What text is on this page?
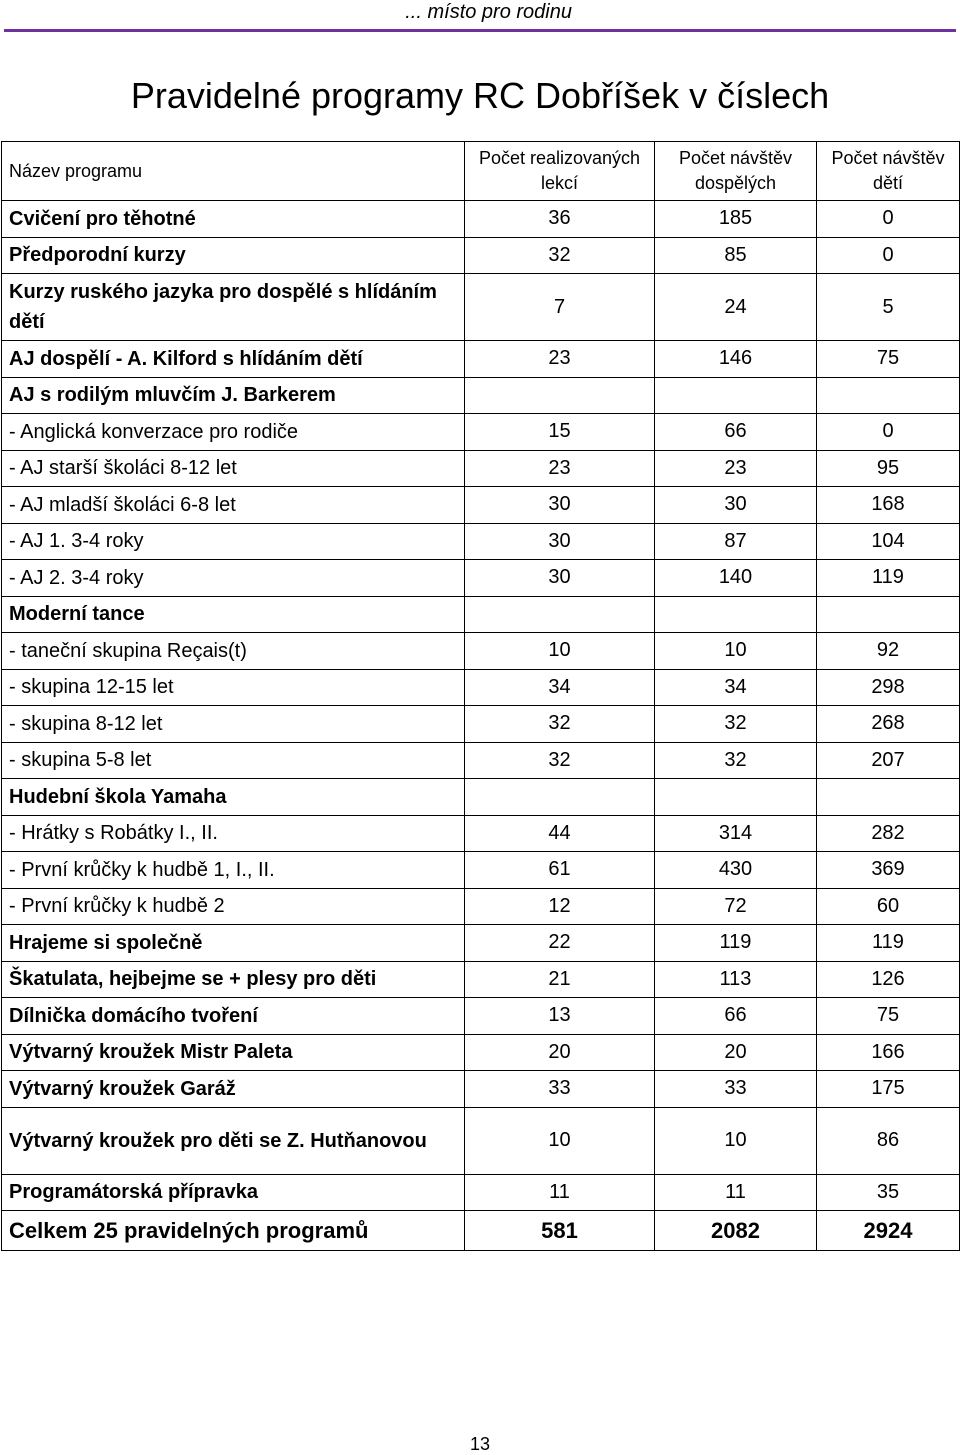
... místo pro rodinu
Pravidelné programy RC Dobříšek v číslech
Název programu	Počet realizovaných lekcí	Počet návštěv dospělých	Počet návštěv dětí
Cvičení pro těhotné	36	185	0
Předporodní kurzy	32	85	0
Kurzy ruského jazyka pro dospělé s hlídáním dětí	7	24	5
AJ dospělí - A. Kilford s hlídáním dětí	23	146	75
AJ s rodilým mluvčím J. Barkerem			
- Anglická konverzace pro rodiče	15	66	0
- AJ starší školáci 8-12 let	23	23	95
- AJ mladší školáci 6-8 let	30	30	168
- AJ 1. 3-4 roky	30	87	104
- AJ 2. 3-4 roky	30	140	119
Moderní tance			
- taneční skupina Reçais(t)	10	10	92
- skupina 12-15 let	34	34	298
- skupina 8-12 let	32	32	268
- skupina 5-8 let	32	32	207
Hudební škola Yamaha			
- Hrátky s Robátky I., II.	44	314	282
- První krůčky k hudbě 1, I., II.	61	430	369
- První krůčky k hudbě 2	12	72	60
Hrajeme si společně	22	119	119
Škatulata, hejbejme se + plesy pro děti	21	113	126
Dílnička domácího tvoření	13	66	75
Výtvarný kroužek Mistr Paleta	20	20	166
Výtvarný kroužek Garáž	33	33	175
Výtvarný kroužek pro děti se Z. Hutňanovou	10	10	86
Programátorská přípravka	11	11	35
Celkem 25 pravidelných programů	581	2082	2924
13
